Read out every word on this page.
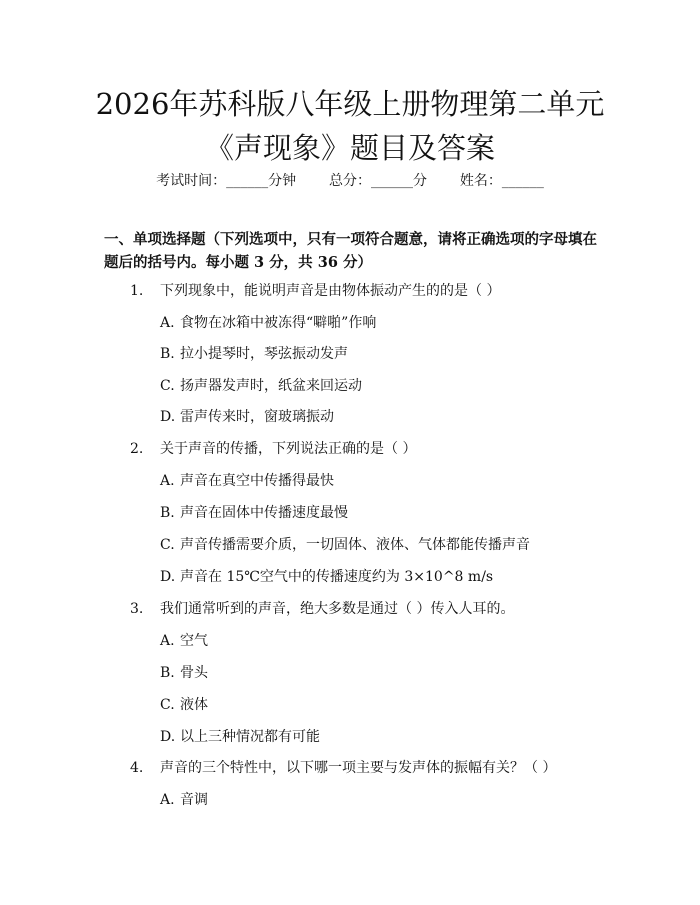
2026年苏科版八年级上册物理第二单元《声现象》题目及答案
考试时间：______分钟 总分：______分 姓名：______
一、单项选择题（下列选项中，只有一项符合题意，请将正确选项的字母填在题后的括号内。每小题 3 分，共 36 分）
1. 下列现象中，能说明声音是由物体振动产生的的是（ ）
A. 食物在冰箱中被冻得“噼啪”作响
B. 拉小提琴时，琴弦振动发声
C. 扬声器发声时，纸盆来回运动
D. 雷声传来时，窗玻璃振动
2. 关于声音的传播，下列说法正确的是（ ）
A. 声音在真空中传播得最快
B. 声音在固体中传播速度最慢
C. 声音传播需要介质，一切固体、液体、气体都能传播声音
D. 声音在 15℃空气中的传播速度约为 3×10^8 m/s
3. 我们通常听到的声音，绝大多数是通过（ ）传入人耳的。
A. 空气
B. 骨头
C. 液体
D. 以上三种情况都有可能
4. 声音的三个特性中，以下哪一项主要与发声体的振幅有关？（ ）
A. 音调
